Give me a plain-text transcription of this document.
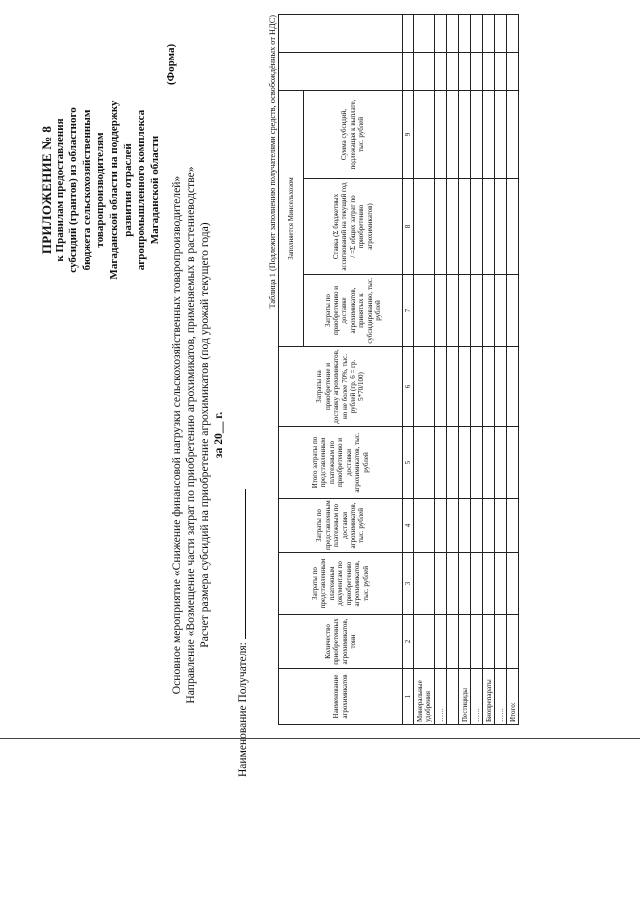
ПРИЛОЖЕНИЕ № 8 к Правилам предоставления субсидий (грантов) из областного бюджета сельскохозяйственным товаропроизводителям Магаданской области на поддержку развития отраслей агропромышленного комплекса Магаданской области
(Форма)
Основное мероприятие «Снижение финансовой нагрузки сельскохозяйственных товаропроизводителей» Направление «Возмещение части затрат по приобретению агрохимикатов, применяемых в растениеводстве» Расчет размера субсидий на приобретение агрохимикатов (под урожай текущего года) за 20__ г.
Наименование Получателя:
Таблица 1 (Подлежит заполнению получателями средств, освобождённых от НДС)
Наименование агрохимикатов	Количество приобретенных агрохимикатов, тонн	Затраты по представленным платежным документам по приобретению агрохимикатов, тыс. рублей	Затраты по представленным платежным по доставки агрохимикатов, тыс. рублей	Итого затраты по представленным платежным по приобретению и доставки агрохимикатов, тыс. рублей	Затраты на приобретение и доставку агрохимикатов, но не более 70%, тыс. рублей (гр. 6 = гр. 5*70/100)	Заполняется Минсельхозом				
						Затраты по приобретению и доставке агрохимикатов, принятых к субсидированию, тыс. рублей	Ставка (Σ бюджетных ассигнований на текущий год / =Σ общих затрат по приобретению агрохимикатов)	Сумма субсидий, подлежащая к выплате, тыс. рублей		
1	2	3	4	5	6	7	8	9		
Минеральные удобрения										
……										

Пестициды										
……										
Биопрепараты										
……										
Итого:										
